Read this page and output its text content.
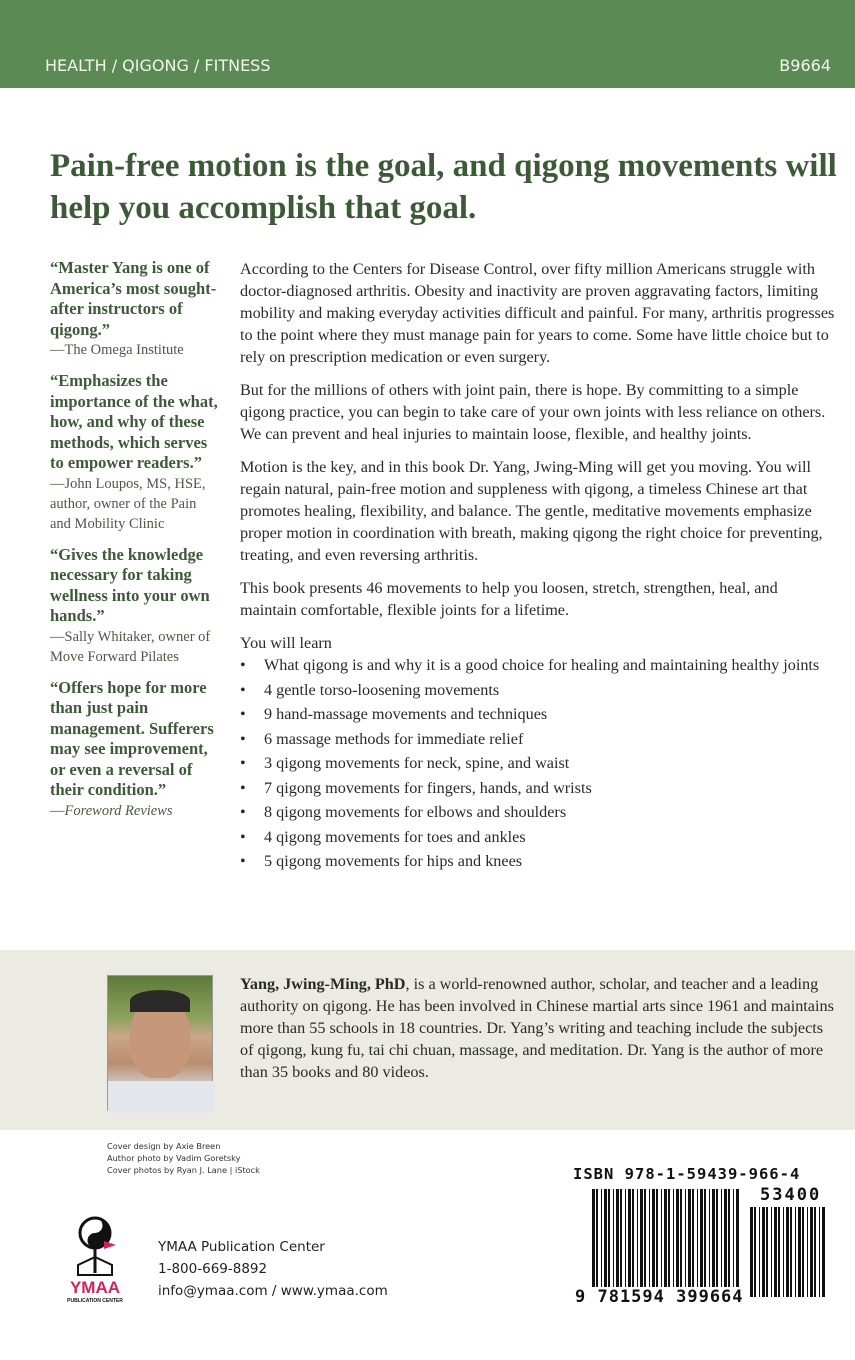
HEALTH / QIGONG / FITNESS	B9664
Pain-free motion is the goal, and qigong movements will help you accomplish that goal.
“Master Yang is one of America’s most sought-after instructors of qigong.”
—The Omega Institute
“Emphasizes the importance of the what, how, and why of these methods, which serves to empower readers.”
—John Loupos, MS, HSE, author, owner of the Pain and Mobility Clinic
“Gives the knowledge necessary for taking wellness into your own hands.”
—Sally Whitaker, owner of Move Forward Pilates
“Offers hope for more than just pain management. Sufferers may see improvement, or even a reversal of their condition.”
—Foreword Reviews

According to the Centers for Disease Control, over fifty million Americans struggle with doctor-diagnosed arthritis. Obesity and inactivity are proven aggravating factors, limiting mobility and making everyday activities difficult and painful. For many, arthritis progresses to the point where they must manage pain for years to come. Some have little choice but to rely on prescription medication or even surgery.

But for the millions of others with joint pain, there is hope. By committing to a simple qigong practice, you can begin to take care of your own joints with less reliance on others. We can prevent and heal injuries to maintain loose, flexible, and healthy joints.

Motion is the key, and in this book Dr. Yang, Jwing-Ming will get you moving. You will regain natural, pain-free motion and suppleness with qigong, a timeless Chinese art that promotes healing, flexibility, and balance. The gentle, meditative movements emphasize proper motion in coordination with breath, making qigong the right choice for preventing, treating, and even reversing arthritis.

This book presents 46 movements to help you loosen, stretch, strengthen, heal, and maintain comfortable, flexible joints for a lifetime.

You will learn
• What qigong is and why it is a good choice for healing and maintaining healthy joints
• 4 gentle torso-loosening movements
• 9 hand-massage movements and techniques
• 6 massage methods for immediate relief
• 3 qigong movements for neck, spine, and waist
• 7 qigong movements for fingers, hands, and wrists
• 8 qigong movements for elbows and shoulders
• 4 qigong movements for toes and ankles
• 5 qigong movements for hips and knees
Yang, Jwing-Ming, PhD, is a world-renowned author, scholar, and teacher and a leading authority on qigong. He has been involved in Chinese martial arts since 1961 and maintains more than 55 schools in 18 countries. Dr. Yang’s writing and teaching include the subjects of qigong, kung fu, tai chi chuan, massage, and meditation. Dr. Yang is the author of more than 35 books and 80 videos.
Cover design by Axie Breen
Author photo by Vadim Goretsky
Cover photos by Ryan J. Lane | iStock
YMAA
PUBLICATION CENTER
YMAA Publication Center
1-800-669-8892
info@ymaa.com / www.ymaa.com
ISBN 978-1-59439-966-4
53400
9 781594 399664
